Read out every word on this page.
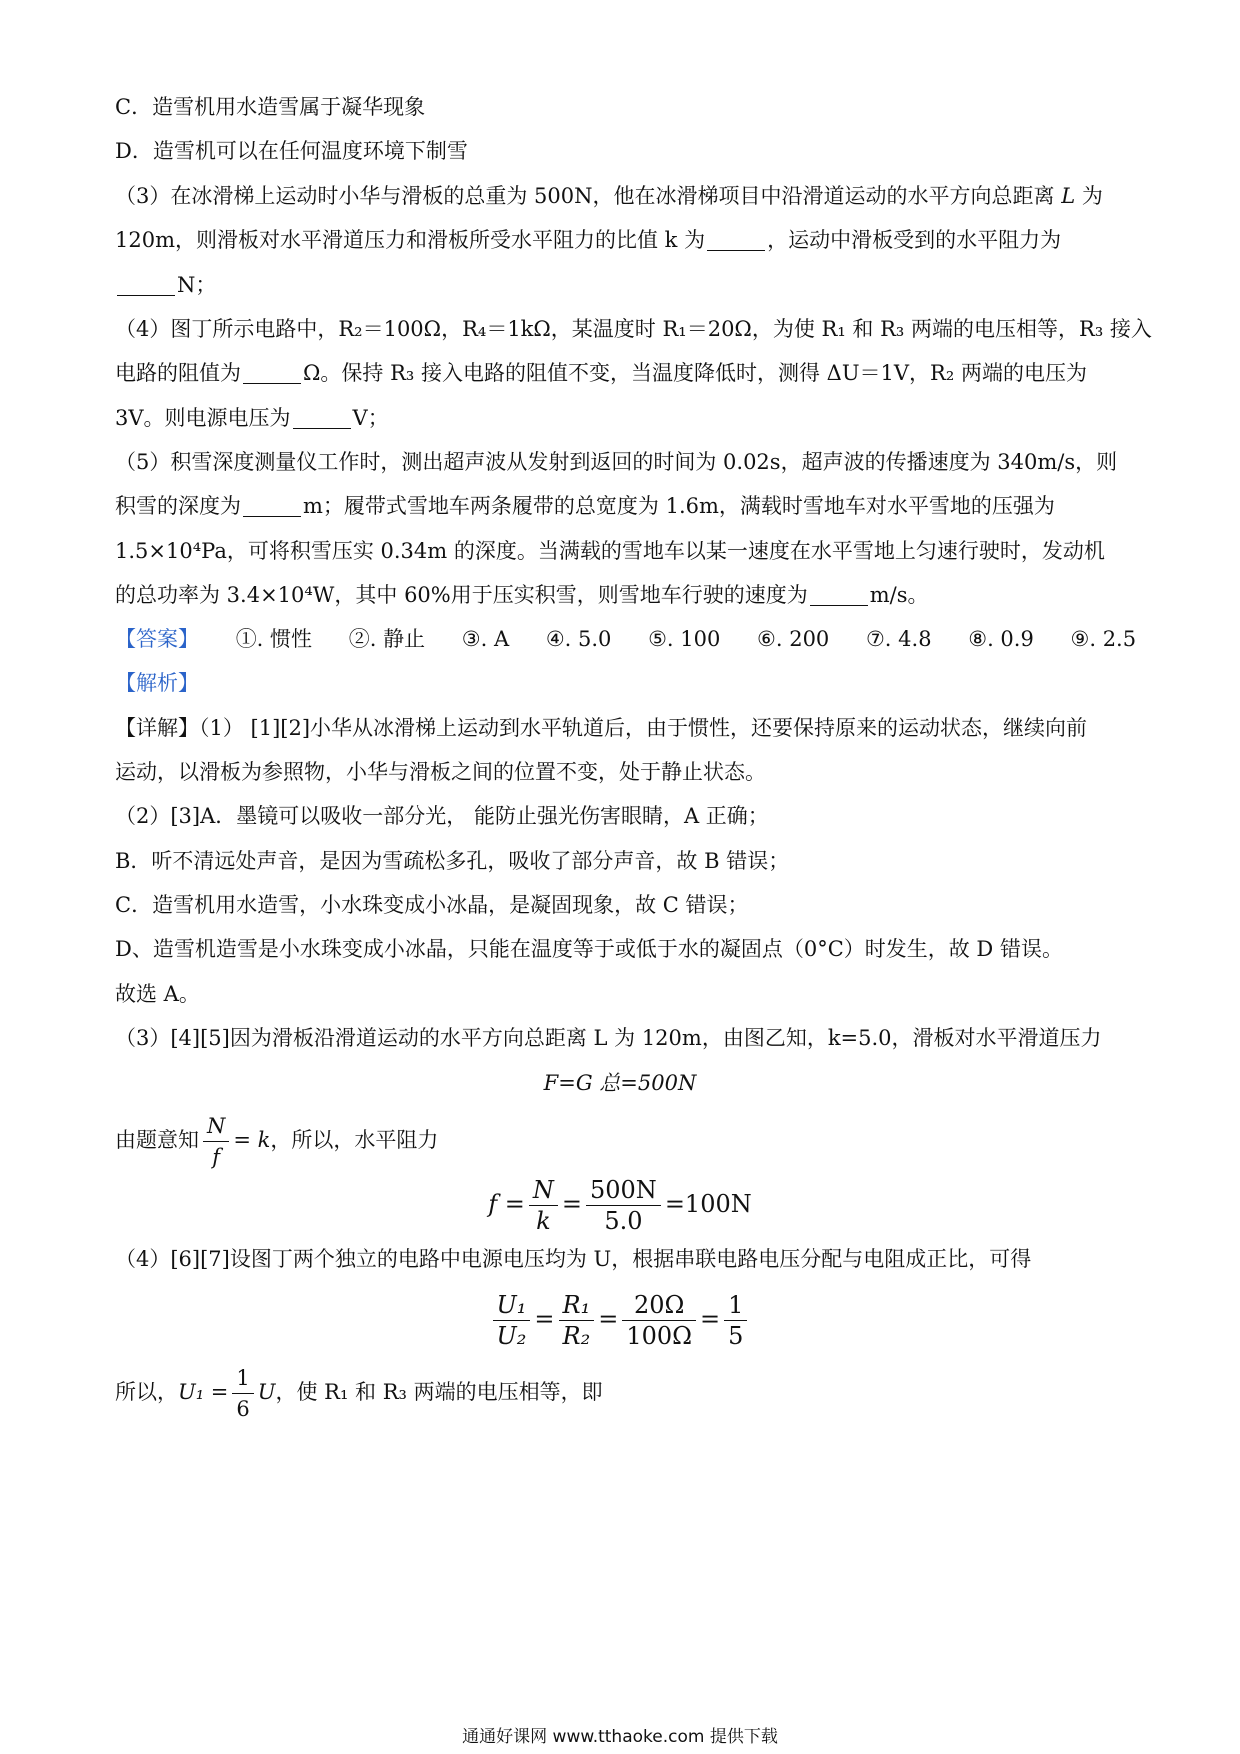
C．造雪机用水造雪属于凝华现象
D．造雪机可以在任何温度环境下制雪
（3）在冰滑梯上运动时小华与滑板的总重为 500N，他在冰滑梯项目中沿滑道运动的水平方向总距离 L 为
120m，则滑板对水平滑道压力和滑板所受水平阻力的比值 k 为	，运动中滑板受到的水平阻力为
N；
（4）图丁所示电路中，R₂＝100Ω，R₄＝1kΩ，某温度时 R₁＝20Ω，为使 R₁ 和 R₃ 两端的电压相等，R₃ 接入
电路的阻值为	Ω。保持 R₃ 接入电路的阻值不变，当温度降低时，测得 ΔU＝1V，R₂ 两端的电压为
3V。则电源电压为	V；
（5）积雪深度测量仪工作时，测出超声波从发射到返回的时间为 0.02s，超声波的传播速度为 340m/s，则
积雪的深度为	m；履带式雪地车两条履带的总宽度为 1.6m，满载时雪地车对水平雪地的压强为
1.5×10⁴Pa，可将积雪压实 0.34m 的深度。当满载的雪地车以某一速度在水平雪地上匀速行驶时，发动机
的总功率为 3.4×10⁴W，其中 60%用于压实积雪，则雪地车行驶的速度为	m/s。
【答案】 ①. 惯性 ②. 静止 ③. A ④. 5.0 ⑤. 100 ⑥. 200 ⑦. 4.8 ⑧. 0.9 ⑨. 2.5
【解析】
【详解】（1） [1][2]小华从冰滑梯上运动到水平轨道后，由于惯性，还要保持原来的运动状态，继续向前
运动，以滑板为参照物，小华与滑板之间的位置不变，处于静止状态。
（2）[3]A．墨镜可以吸收一部分光， 能防止强光伤害眼睛，A 正确；
B．听不清远处声音，是因为雪疏松多孔，吸收了部分声音，故 B 错误；
C．造雪机用水造雪，小水珠变成小冰晶，是凝固现象，故 C 错误；
D、造雪机造雪是小水珠变成小冰晶，只能在温度等于或低于水的凝固点（0°C）时发生，故 D 错误。
故选 A。
（3）[4][5]因为滑板沿滑道运动的水平方向总距离 L 为 120m，由图乙知，k=5.0，滑板对水平滑道压力
F=G 总=500N
由题意知 $\frac{N}{f} = k$，所以，水平阻力
$f = \frac{N}{k} = \frac{500N}{5.0} =100N$
（4）[6][7]设图丁两个独立的电路中电源电压均为 U，根据串联电路电压分配与电阻成正比，可得
$\frac{\text{U₁}}{\text{U₂}} = \frac{\text{R₁}}{\text{R₂}} = \frac{20\Omega}{100\Omega} = \frac{1}{5}$
所以，$U_1 = \frac{1}{6}$ U，使 R₁ 和 R₃ 两端的电压相等，即
通通好课网 www.tthaoke.com 提供下载
